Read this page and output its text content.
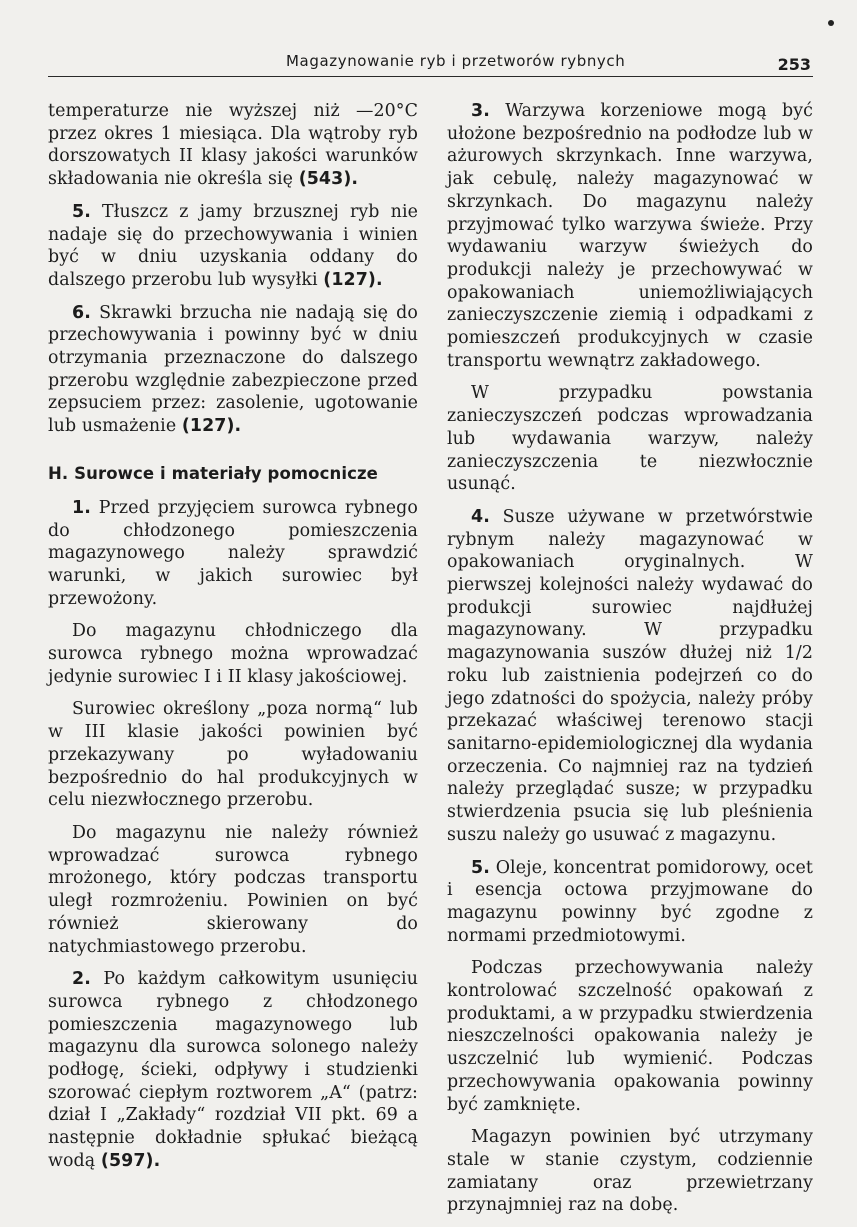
Magazynowanie ryb i przetworów rybnych	253

temperaturze nie wyższej niż —20°C przez okres 1 miesiąca. Dla wątroby ryb dorszowatych II klasy jakości warunków składowania nie określa się (543).

5. Tłuszcz z jamy brzusznej ryb nie nadaje się do przechowywania i winien być w dniu uzyskania oddany do dalszego przerobu lub wysyłki (127).

6. Skrawki brzucha nie nadają się do przechowywania i powinny być w dniu otrzymania przeznaczone do dalszego przerobu względnie zabezpieczone przed zepsuciem przez: zasolenie, ugotowanie lub usmażenie (127).

H. Surowce i materiały pomocnicze

1. Przed przyjęciem surowca rybnego do chłodzonego pomieszczenia magazynowego należy sprawdzić warunki, w jakich surowiec był przewożony.

Do magazynu chłodniczego dla surowca rybnego można wprowadzać jedynie surowiec I i II klasy jakościowej.

Surowiec określony „poza normą“ lub w III klasie jakości powinien być przekazywany po wyładowaniu bezpośrednio do hal produkcyjnych w celu niezwłocznego przerobu.

Do magazynu nie należy również wprowadzać surowca rybnego mrożonego, który podczas transportu uległ rozmrożeniu. Powinien on być również skierowany do natychmiastowego przerobu.

2. Po każdym całkowitym usunięciu surowca rybnego z chłodzonego pomieszczenia magazynowego lub magazynu dla surowca solonego należy podłogę, ścieki, odpływy i studzienki szorować ciepłym roztworem „A“ (patrz: dział I „Zakłady“ rozdział VII pkt. 69 a następnie dokładnie spłukać bieżącą wodą (597).

3. Warzywa korzeniowe mogą być ułożone bezpośrednio na podłodze lub w ażurowych skrzynkach. Inne warzywa, jak cebulę, należy magazynować w skrzynkach. Do magazynu należy przyjmować tylko warzywa świeże. Przy wydawaniu warzyw świeżych do produkcji należy je przechowywać w opakowaniach uniemożliwiających zanieczyszczenie ziemią i odpadkami z pomieszczeń produkcyjnych w czasie transportu wewnątrz zakładowego.

W przypadku powstania zanieczyszczeń podczas wprowadzania lub wydawania warzyw, należy zanieczyszczenia te niezwłocznie usunąć.

4. Susze używane w przetwórstwie rybnym należy magazynować w opakowaniach oryginalnych. W pierwszej kolejności należy wydawać do produkcji surowiec najdłużej magazynowany. W przypadku magazynowania suszów dłużej niż 1/2 roku lub zaistnienia podejrzeń co do jego zdatności do spożycia, należy próby przekazać właściwej terenowo stacji sanitarno-epidemiologicznej dla wydania orzeczenia. Co najmniej raz na tydzień należy przeglądać susze; w przypadku stwierdzenia psucia się lub pleśnienia suszu należy go usuwać z magazynu.

5. Oleje, koncentrat pomidorowy, ocet i esencja octowa przyjmowane do magazynu powinny być zgodne z normami przedmiotowymi.

Podczas przechowywania należy kontrolować szczelność opakowań z produktami, a w przypadku stwierdzenia nieszczelności opakowania należy je uszczelnić lub wymienić. Podczas przechowywania opakowania powinny być zamknięte.

Magazyn powinien być utrzymany stale w stanie czystym, codziennie zamiatany oraz przewietrzany przynajmniej raz na dobę.
